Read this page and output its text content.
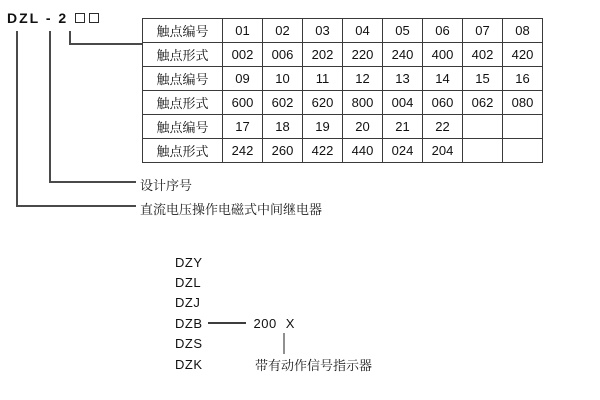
DZL - 2
触点编号	01	02	03	04	05	06	07	08
触点形式	002	006	202	220	240	400	402	420
触点编号	09	10	11	12	13	14	15	16
触点形式	600	602	620	800	004	060	062	080
触点编号	17	18	19	20	21	22		
触点形式	242	260	422	440	024	204		
设计序号
直流电压操作电磁式中间继电器
DZY
DZL
DZJ
DZB	200 X
DZS
DZK	带有动作信号指示器
